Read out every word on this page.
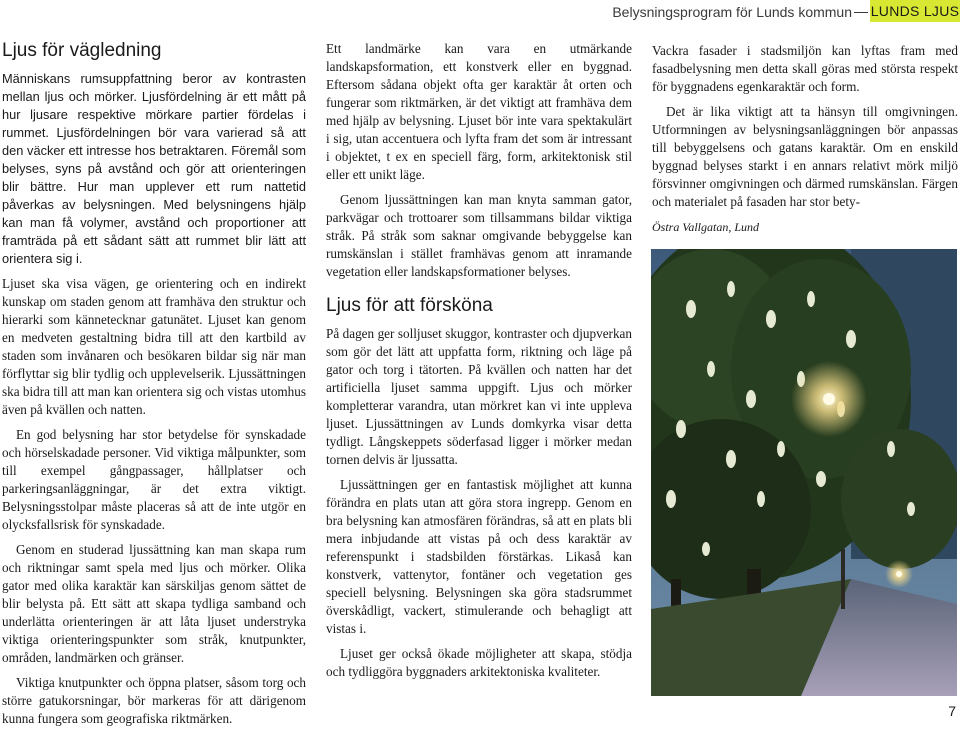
Belysningsprogram för Lunds kommun LUNDS LJUS
Ljus för vägledning

Människans rumsuppfattning beror av kontrasten mellan ljus och mörker. Ljusfördelning är ett mått på hur ljusare respektive mörkare partier fördelas i rummet. Ljusfördelningen bör vara varierad så att den väcker ett intresse hos betraktaren. Föremål som belyses, syns på avstånd och gör att orienteringen blir bättre. Hur man upplever ett rum nattetid påverkas av belysningen. Med belysningens hjälp kan man få volymer, avstånd och proportioner att framträda på ett sådant sätt att rummet blir lätt att orientera sig i.

Ljuset ska visa vägen, ge orientering och en indirekt kunskap om staden genom att framhäva den struktur och hierarki som kännetecknar gatunätet. Ljuset kan genom en medveten gestaltning bidra till att den kartbild av staden som invånaren och besökaren bildar sig när man förflyttar sig blir tydlig och upplevelserik. Ljussättningen ska bidra till att man kan orientera sig och vistas utomhus även på kvällen och natten.

En god belysning har stor betydelse för synskadade och hörselskadade personer. Vid viktiga målpunkter, som till exempel gångpassager, hållplatser och parkeringsanläggningar, är det extra viktigt. Belysningsstolpar måste placeras så att de inte utgör en olycksfallsrisk för synskadade.

Genom en studerad ljussättning kan man skapa rum och riktningar samt spela med ljus och mörker. Olika gator med olika karaktär kan särskiljas genom sättet de blir belysta på. Ett sätt att skapa tydliga samband och underlätta orienteringen är att låta ljuset understryka viktiga orienteringspunkter som stråk, knutpunkter, områden, landmärken och gränser.

Viktiga knutpunkter och öppna platser, såsom torg och större gatukorsningar, bör markeras för att därigenom kunna fungera som geografiska riktmärken.

Ett landmärke kan vara en utmärkande landskapsformation, ett konstverk eller en byggnad. Eftersom sådana objekt ofta ger karaktär åt orten och fungerar som riktmärken, är det viktigt att framhäva dem med hjälp av belysning. Ljuset bör inte vara spektakulärt i sig, utan accentuera och lyfta fram det som är intressant i objektet, t ex en speciell färg, form, arkitektonisk stil eller ett unikt läge.

Genom ljussättningen kan man knyta samman gator, parkvägar och trottoarer som tillsammans bildar viktiga stråk. På stråk som saknar omgivande bebyggelse kan rumskänslan i stället framhävas genom att inramande vegetation eller landskapsformationer belyses.

Ljus för att försköna

På dagen ger solljuset skuggor, kontraster och djupverkan som gör det lätt att uppfatta form, riktning och läge på gator och torg i tätorten. På kvällen och natten har det artificiella ljuset samma uppgift. Ljus och mörker kompletterar varandra, utan mörkret kan vi inte uppleva ljuset. Ljussättningen av Lunds domkyrka visar detta tydligt. Långskeppets söderfasad ligger i mörker medan tornen delvis är ljussatta.

Ljussättningen ger en fantastisk möjlighet att kunna förändra en plats utan att göra stora ingrepp. Genom en bra belysning kan atmosfären förändras, så att en plats bli mera inbjudande att vistas på och dess karaktär av referenspunkt i stadsbilden förstärkas. Likaså kan konstverk, vattenytor, fontäner och vegetation ges speciell belysning. Belysningen ska göra stadsrummet överskådligt, vackert, stimulerande och behagligt att vistas i.

Ljuset ger också ökade möjligheter att skapa, stödja och tydliggöra byggnaders arkitektoniska kvaliteter.

Vackra fasader i stadsmiljön kan lyftas fram med fasadbelysning men detta skall göras med största respekt för byggnadens egenkaraktär och form.

Det är lika viktigt att ta hänsyn till omgivningen. Utformningen av belysningsanläggningen bör anpassas till bebyggelsens och gatans karaktär. Om en enskild byggnad belyses starkt i en annars relativt mörk miljö försvinner omgivningen och därmed rumskänslan. Färgen och materialet på fasaden har stor bety-

Östra Vallgatan, Lund

7
